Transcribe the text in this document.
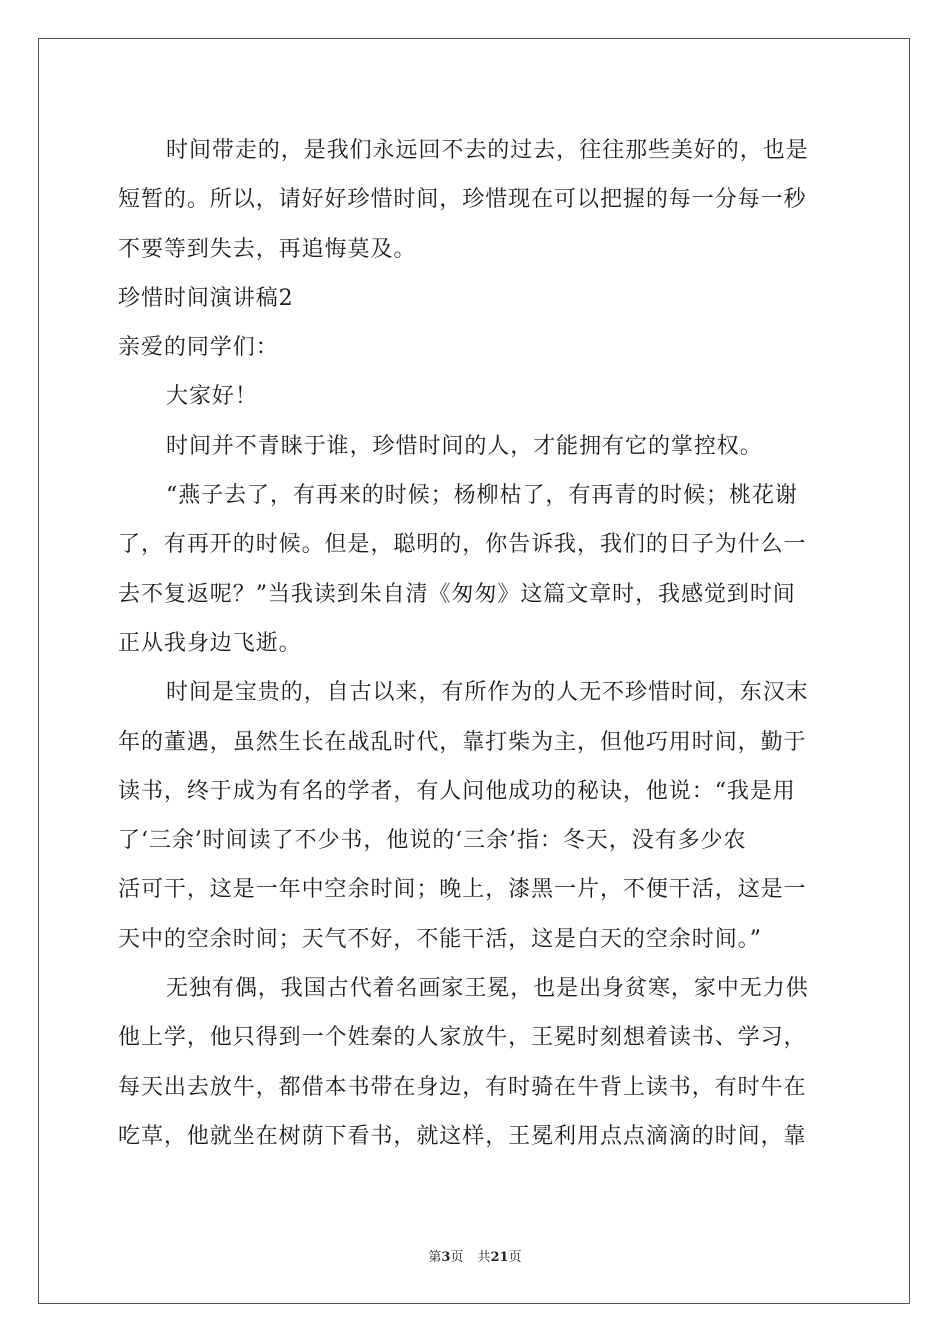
时间带走的，是我们永远回不去的过去，往往那些美好的，也是
短暂的。所以，请好好珍惜时间，珍惜现在可以把握的每一分每一秒
不要等到失去，再追悔莫及。
珍惜时间演讲稿2
亲爱的同学们：
大家好！
时间并不青睐于谁，珍惜时间的人，才能拥有它的掌控权。
“燕子去了，有再来的时候；杨柳枯了，有再青的时候；桃花谢
了，有再开的时候。但是，聪明的，你告诉我，我们的日子为什么一
去不复返呢？”当我读到朱自清《匆匆》这篇文章时，我感觉到时间
正从我身边飞逝。
时间是宝贵的，自古以来，有所作为的人无不珍惜时间，东汉末
年的董遇，虽然生长在战乱时代，靠打柴为主，但他巧用时间，勤于
读书，终于成为有名的学者，有人问他成功的秘诀，他说：“我是用
了‘三余’时间读了不少书，他说的‘三余’指：冬天，没有多少农
活可干，这是一年中空余时间；晚上，漆黑一片，不便干活，这是一
天中的空余时间；天气不好，不能干活，这是白天的空余时间。”
无独有偶，我国古代着名画家王冕，也是出身贫寒，家中无力供
他上学，他只得到一个姓秦的人家放牛，王冕时刻想着读书、学习，
每天出去放牛，都借本书带在身边，有时骑在牛背上读书，有时牛在
吃草，他就坐在树荫下看书，就这样，王冕利用点点滴滴的时间，靠
第3页 共21页
